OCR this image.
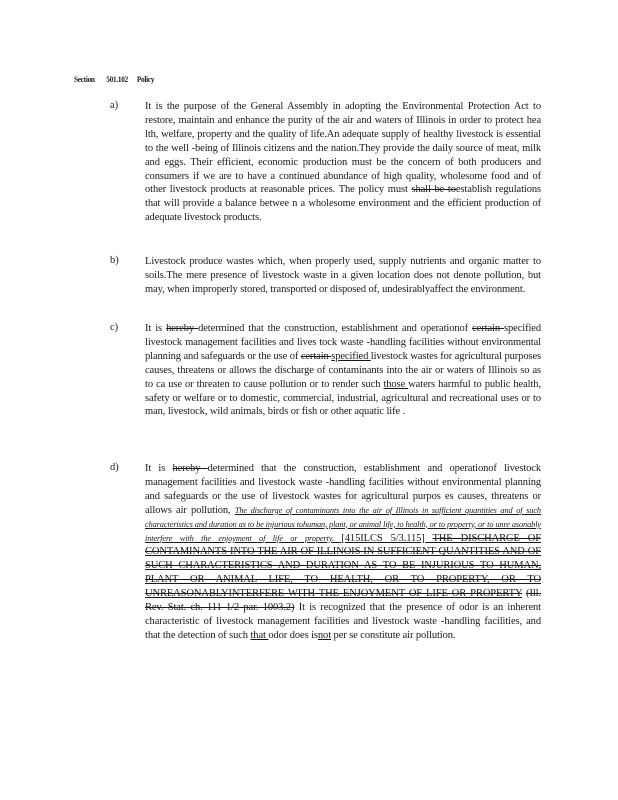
Section 501.102 Policy
a)	It is the purpose of the General Assembly in adopting the Environmental Protection Act to restore, maintain and enhance the purity of the air and waters of Illinois in order to protect hea lth, welfare, property and the quality of life.An adequate supply of healthy livestock is essential to the well -being of Illinois citizens and the nation.They provide the daily source of meat, milk and eggs. Their efficient, economic production must be the concern of both producers and consumers if we are to have a continued abundance of high quality, wholesome food and of other livestock products at reasonable prices. The policy must shall be toestablish regulations that will provide a balance betwee n a wholesome environment and the efficient production of adequate livestock products.
b)	Livestock produce wastes which, when properly used, supply nutrients and organic matter to soils.The mere presence of livestock waste in a given location does not denote pollution, but may, when improperly stored, transported or disposed of, undesirablyaffect the environment.
c)	It is hereby determined that the construction, establishment and operationof certain specified livestock management facilities and lives tock waste -handling facilities without environmental planning and safeguards or the use of certain specified livestock wastes for agricultural purposes causes, threatens or allows the discharge of contaminants into the air or waters of Illinois so as to ca use or threaten to cause pollution or to render such those waters harmful to public health, safety or welfare or to domestic, commercial, industrial, agricultural and recreational uses or to man, livestock, wild animals, birds or fish or other aquatic life .
d)	It is hereby determined that the construction, establishment and operationof livestock management facilities and livestock waste -handling facilities without environmental planning and safeguards or the use of livestock wastes for agricultural purpos es causes, threatens or allows air pollution, The discharge of contaminants into the air of Illinois in sufficient quantities and of such characteristics and duration as to be injurious tohuman, plant, or animal life, to health, or to property, or to unre asonably interfere with the enjoyment of life or property. [415ILCS 5/3.115] THE DISCHARGE OF CONTAMINANTS INTO THE AIR OF ILLINOIS IN SUFFICIENT QUANTITIES AND OF SUCH CHARACTERISTICS AND DURATION AS TO BE INJURIOUS TO HUMAN, PLANT OR ANIMAL LIFE, TO HEALTH, OR TO PROPERTY, OR TO UNREASONABLYINTERFERE WITH THE ENJOYMENT OF LIFE OR PROPERTY (Ill. Rev. Stat. ch. 111 1/2 par. 1003.2) It is recognized that the presence of odor is an inherent characteristic of livestock management facilities and livestock waste -handling facilities, and that the detection of such that odor does isnot per se constitute air pollution.
